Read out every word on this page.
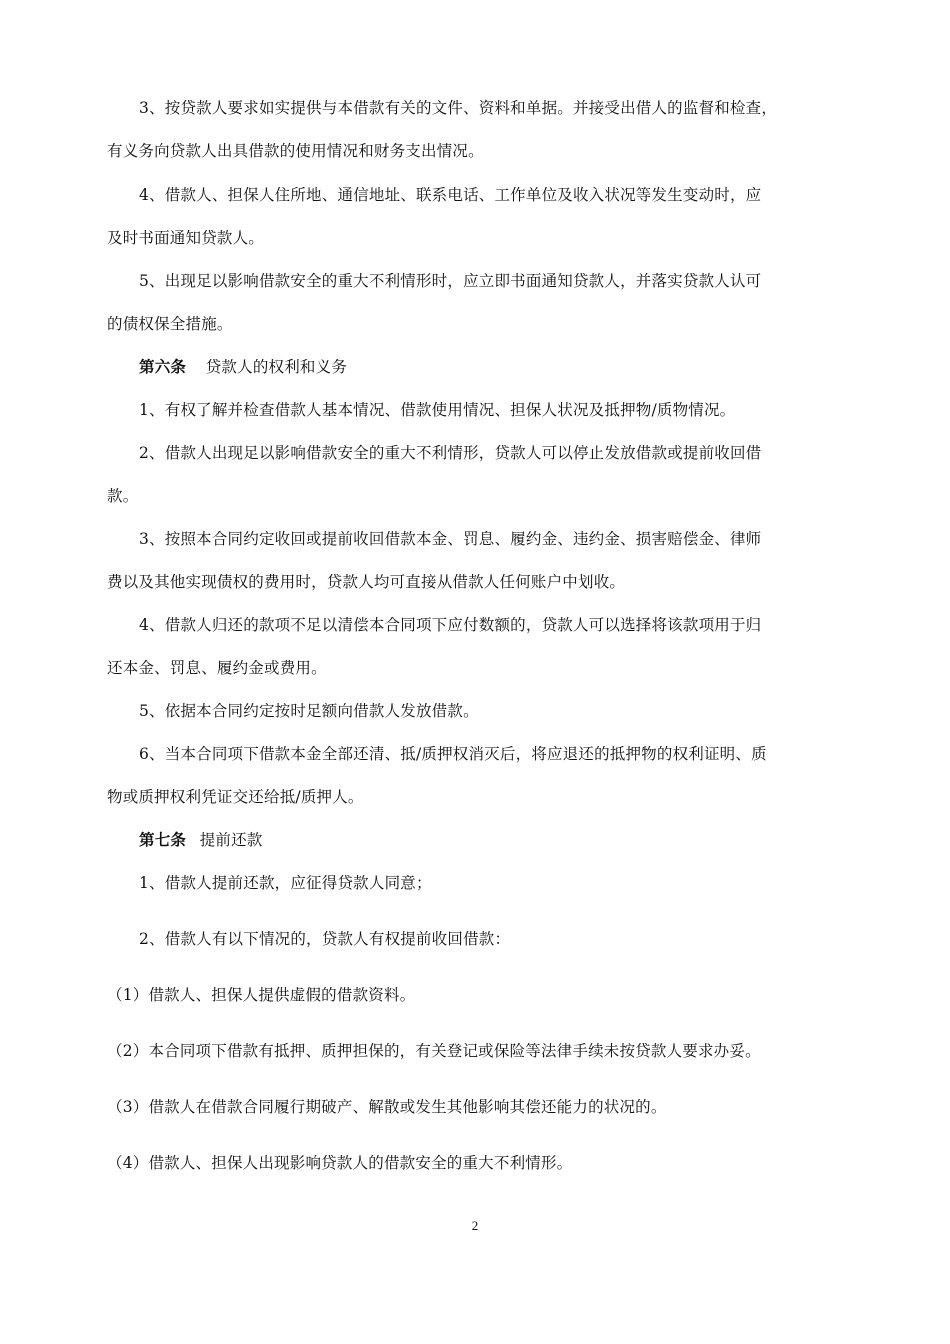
3、按贷款人要求如实提供与本借款有关的文件、资料和单据。并接受出借人的监督和检查，
有义务向贷款人出具借款的使用情况和财务支出情况。
4、借款人、担保人住所地、通信地址、联系电话、工作单位及收入状况等发生变动时，应
及时书面通知贷款人。
5、出现足以影响借款安全的重大不利情形时，应立即书面通知贷款人，并落实贷款人认可
的债权保全措施。
第六条 贷款人的权利和义务
1、有权了解并检查借款人基本情况、借款使用情况、担保人状况及抵押物/质物情况。
2、借款人出现足以影响借款安全的重大不利情形，贷款人可以停止发放借款或提前收回借
款。
3、按照本合同约定收回或提前收回借款本金、罚息、履约金、违约金、损害赔偿金、律师
费以及其他实现债权的费用时，贷款人均可直接从借款人任何账户中划收。
4、借款人归还的款项不足以清偿本合同项下应付数额的，贷款人可以选择将该款项用于归
还本金、罚息、履约金或费用。
5、依据本合同约定按时足额向借款人发放借款。
6、当本合同项下借款本金全部还清、抵/质押权消灭后，将应退还的抵押物的权利证明、质
物或质押权利凭证交还给抵/质押人。
第七条 提前还款
1、借款人提前还款，应征得贷款人同意；
2、借款人有以下情况的，贷款人有权提前收回借款：
（1）借款人、担保人提供虚假的借款资料。
（2）本合同项下借款有抵押、质押担保的，有关登记或保险等法律手续未按贷款人要求办妥。
（3）借款人在借款合同履行期破产、解散或发生其他影响其偿还能力的状况的。
（4）借款人、担保人出现影响贷款人的借款安全的重大不利情形。
2
